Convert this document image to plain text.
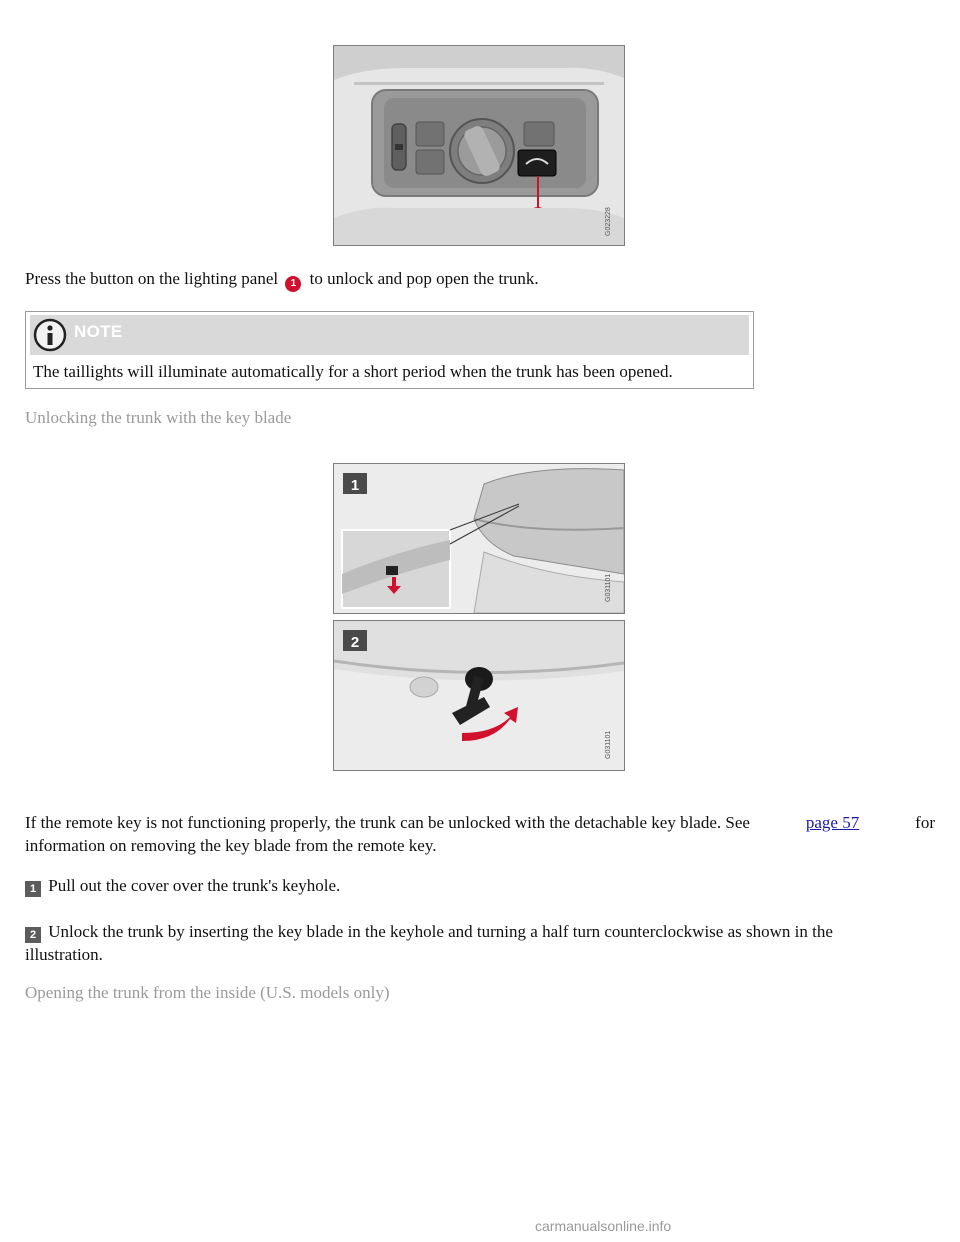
G023228
Press the button on the lighting panel 1 to unlock and pop open the trunk.
NOTE
The taillights will illuminate automatically for a short period when the trunk has been opened.
Unlocking the trunk with the key blade
1
G031101
2
G031101
If the remote key is not functioning properly, the trunk can be unlocked with the detachable key blade. See	page 57	for
information on removing the key blade from the remote key.
1 Pull out the cover over the trunk's keyhole.
2 Unlock the trunk by inserting the key blade in the keyhole and turning a half turn counterclockwise as shown in the
illustration.
Opening the trunk from the inside (U.S. models only)
carmanualsonline.info
